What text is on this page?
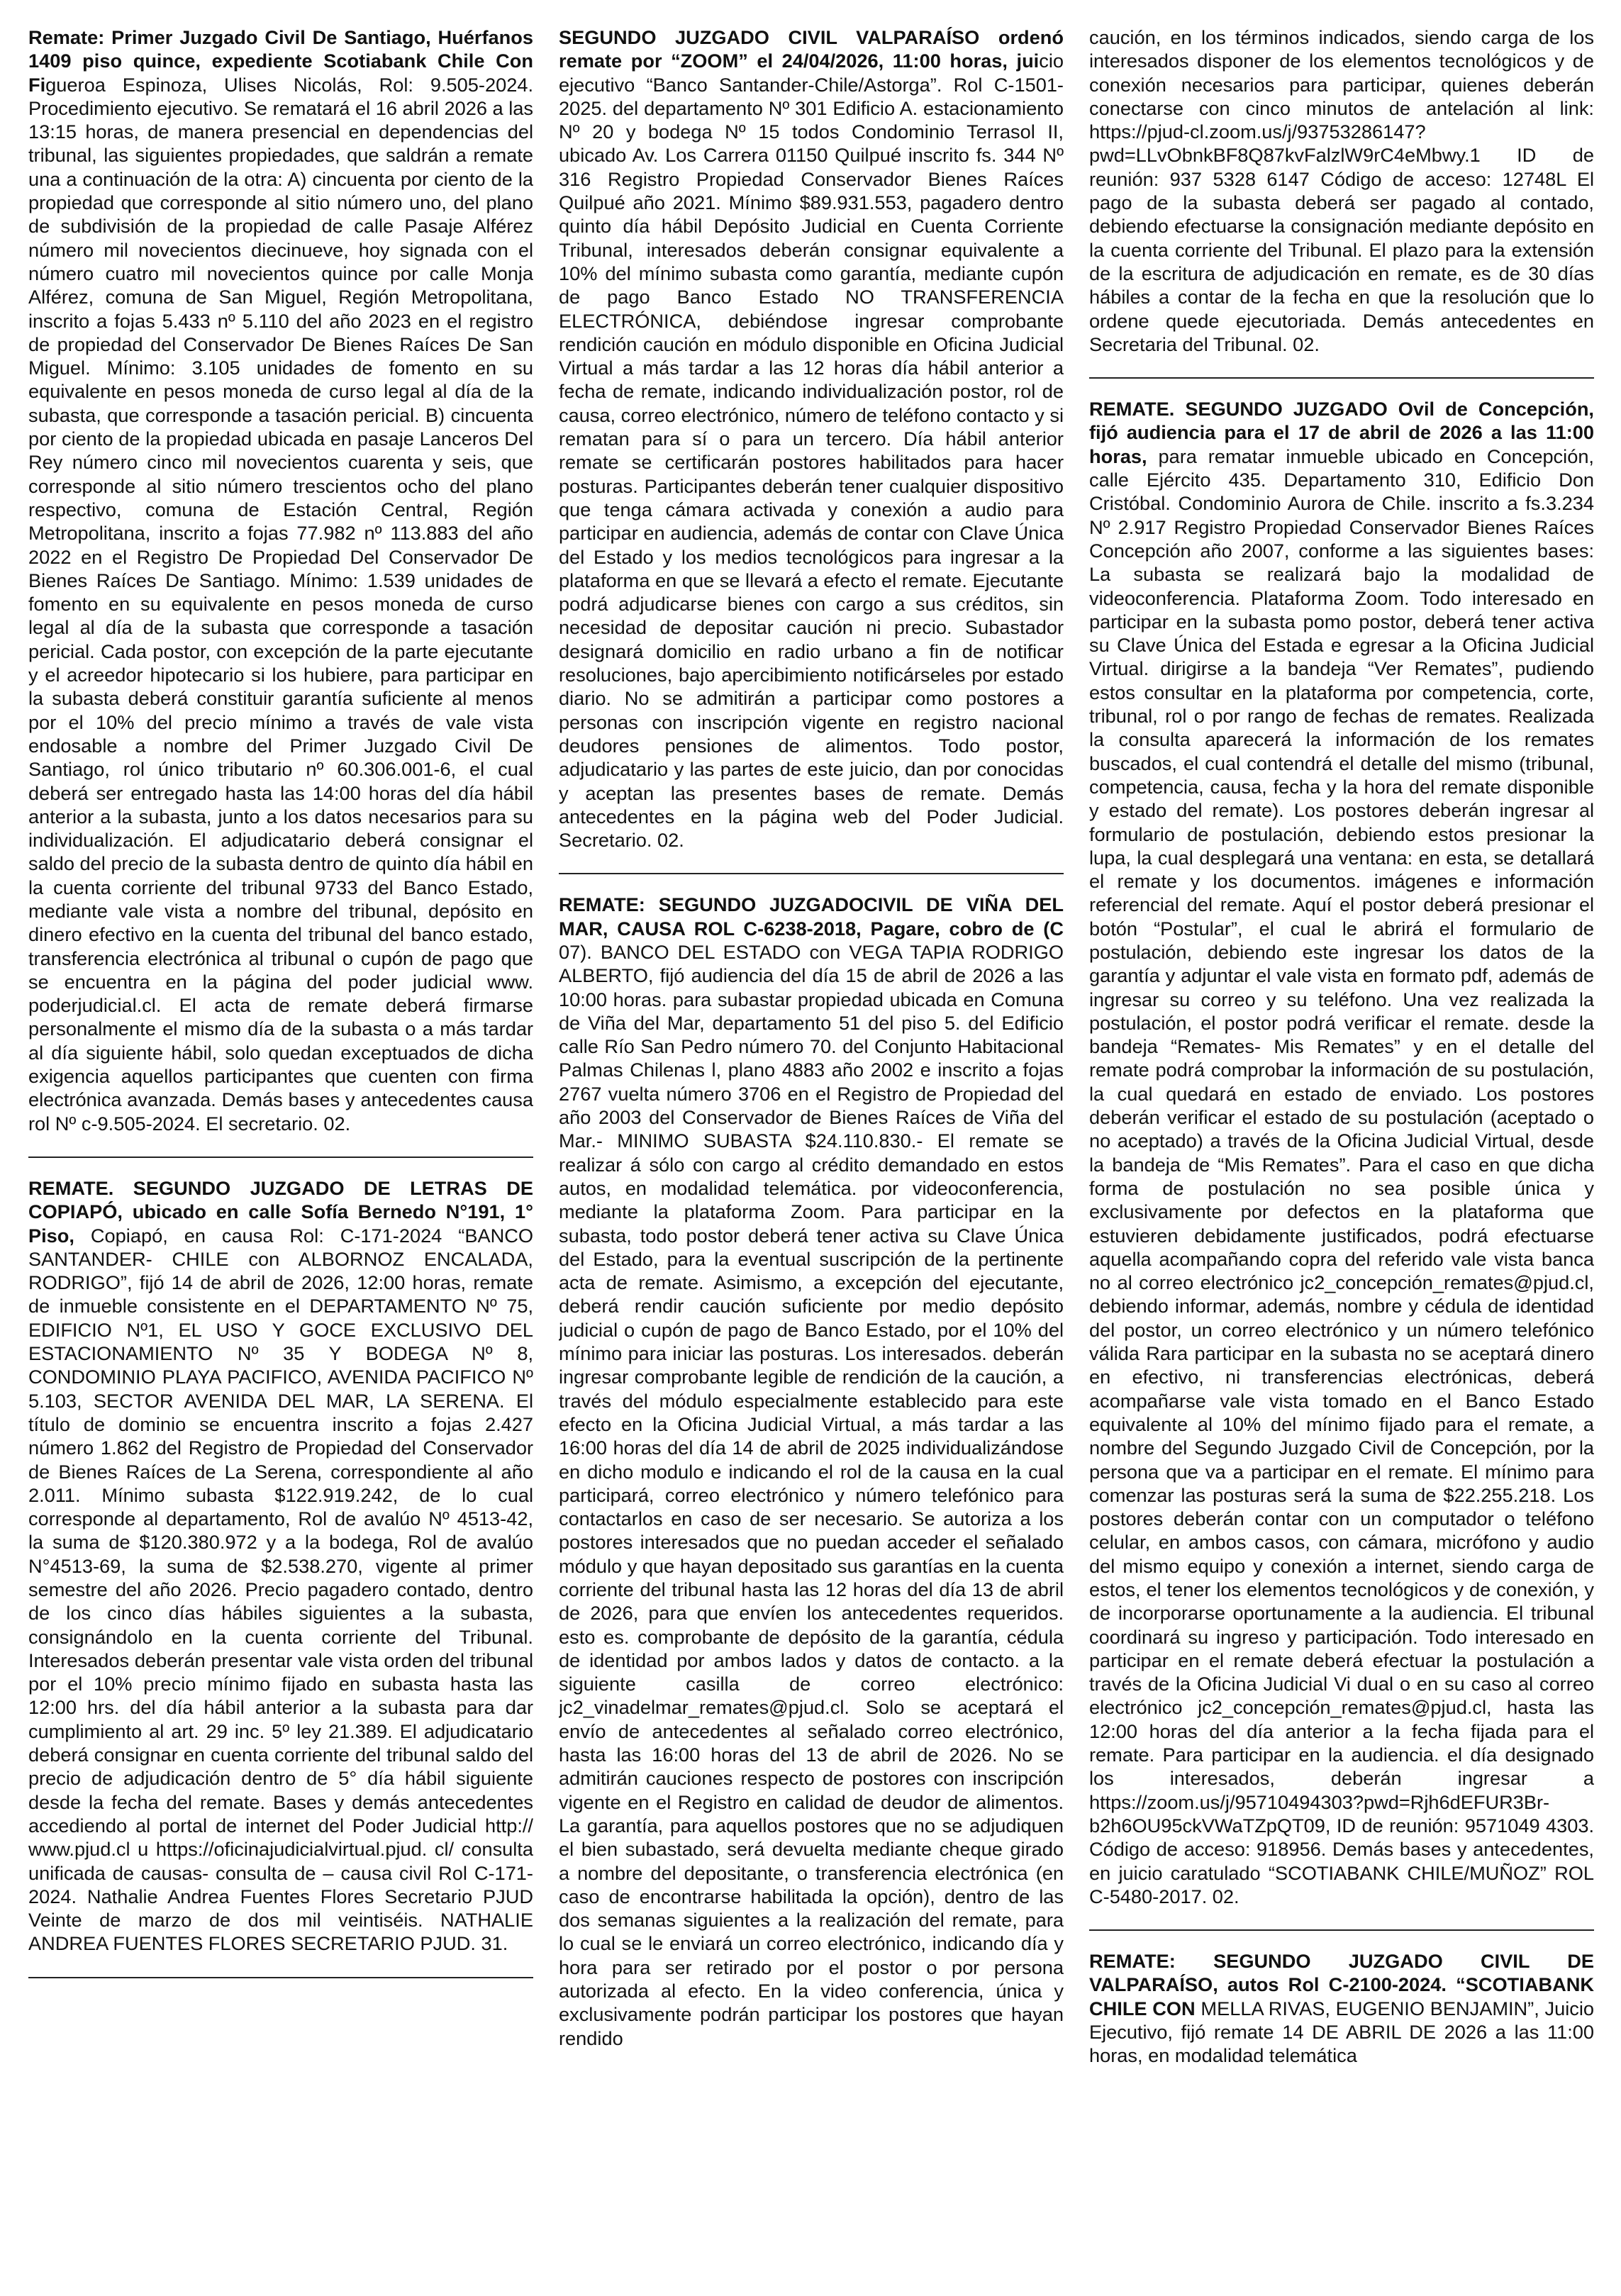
Remate: Primer Juzgado Civil De Santiago, Huérfanos 1409 piso quince, expediente Scotiabank Chile Con Figueroa Espinoza, Ulises Nicolás, Rol: 9.505-2024. Procedimiento ejecutivo. Se rematará el 16 abril 2026 a las 13:15 horas, de manera presencial en dependencias del tribunal, las siguientes propiedades, que saldrán a remate una a continuación de la otra: A) cincuenta por ciento de la propiedad que corresponde al sitio número uno, del plano de subdivisión de la propiedad de calle Pasaje Alférez número mil novecientos diecinueve, hoy signada con el número cuatro mil novecientos quince por calle Monja Alférez, comuna de San Miguel, Región Metropolitana, inscrito a fojas 5.433 nº 5.110 del año 2023 en el registro de propiedad del Conservador De Bienes Raíces De San Miguel. Mínimo: 3.105 unidades de fomento en su equivalente en pesos moneda de curso legal al día de la subasta, que corresponde a tasación pericial. B) cincuenta por ciento de la propiedad ubicada en pasaje Lanceros Del Rey número cinco mil novecientos cuarenta y seis, que corresponde al sitio número trescientos ocho del plano respectivo, comuna de Estación Central, Región Metropolitana, inscrito a fojas 77.982 nº 113.883 del año 2022 en el Registro De Propiedad Del Conservador De Bienes Raíces De Santiago. Mínimo: 1.539 unidades de fomento en su equivalente en pesos moneda de curso legal al día de la subasta que corresponde a tasación pericial. Cada postor, con excepción de la parte ejecutante y el acreedor hipotecario si los hubiere, para participar en la subasta deberá constituir garantía suficiente al menos por el 10% del precio mínimo a través de vale vista endosable a nombre del Primer Juzgado Civil De Santiago, rol único tributario nº 60.306.001-6, el cual deberá ser entregado hasta las 14:00 horas del día hábil anterior a la subasta, junto a los datos necesarios para su individualización. El adjudicatario deberá consignar el saldo del precio de la subasta dentro de quinto día hábil en la cuenta corriente del tribunal 9733 del Banco Estado, mediante vale vista a nombre del tribunal, depósito en dinero efectivo en la cuenta del tribunal del banco estado, transferencia electrónica al tribunal o cupón de pago que se encuentra en la página del poder judicial www. poderjudicial.cl. El acta de remate deberá firmarse personalmente el mismo día de la subasta o a más tardar al día siguiente hábil, solo quedan exceptuados de dicha exigencia aquellos participantes que cuenten con firma electrónica avanzada. Demás bases y antecedentes causa rol Nº c-9.505-2024. El secretario. 02.

REMATE. SEGUNDO JUZGADO DE LETRAS DE COPIAPÓ, ubicado en calle Sofía Bernedo N°191, 1° Piso, Copiapó, en causa Rol: C-171-2024 “BANCO SANTANDER- CHILE con ALBORNOZ ENCALADA, RODRIGO”, fijó 14 de abril de 2026, 12:00 horas, remate de inmueble consistente en el DEPARTAMENTO Nº 75, EDIFICIO Nº1, EL USO Y GOCE EXCLUSIVO DEL ESTACIONAMIENTO Nº 35 Y BODEGA Nº 8, CONDOMINIO PLAYA PACIFICO, AVENIDA PACIFICO Nº 5.103, SECTOR AVENIDA DEL MAR, LA SERENA. El título de dominio se encuentra inscrito a fojas 2.427 número 1.862 del Registro de Propiedad del Conservador de Bienes Raíces de La Serena, correspondiente al año 2.011. Mínimo subasta $122.919.242, de lo cual corresponde al departamento, Rol de avalúo Nº 4513-42, la suma de $120.380.972 y a la bodega, Rol de avalúo N°4513-69, la suma de $2.538.270, vigente al primer semestre del año 2026. Precio pagadero contado, dentro de los cinco días hábiles siguientes a la subasta, consignándolo en la cuenta corriente del Tribunal. Interesados deberán presentar vale vista orden del tribunal por el 10% precio mínimo fijado en subasta hasta las 12:00 hrs. del día hábil anterior a la subasta para dar cumplimiento al art. 29 inc. 5º ley 21.389. El adjudicatario deberá consignar en cuenta corriente del tribunal saldo del precio de adjudicación dentro de 5° día hábil siguiente desde la fecha del remate. Bases y demás antecedentes accediendo al portal de internet del Poder Judicial http:// www.pjud.cl u https://oficinajudicialvirtual.pjud. cl/ consulta unificada de causas- consulta de – causa civil Rol C-171-2024. Nathalie Andrea Fuentes Flores Secretario PJUD Veinte de marzo de dos mil veintiséis. NATHALIE ANDREA FUENTES FLORES SECRETARIO PJUD. 31.

SEGUNDO JUZGADO CIVIL VALPARAÍSO ordenó remate por “ZOOM” el 24/04/2026, 11:00 horas, juicio ejecutivo “Banco Santander-Chile/Astorga”. Rol C-1501-2025. del departamento Nº 301 Edificio A. estacionamiento Nº 20 y bodega Nº 15 todos Condominio Terrasol II, ubicado Av. Los Carrera 01150 Quilpué inscrito fs. 344 Nº 316 Registro Propiedad Conservador Bienes Raíces Quilpué año 2021. Mínimo $89.931.553, pagadero dentro quinto día hábil Depósito Judicial en Cuenta Corriente Tribunal, interesados deberán consignar equivalente a 10% del mínimo subasta como garantía, mediante cupón de pago Banco Estado NO TRANSFERENCIA ELECTRÓNICA, debiéndose ingresar comprobante rendición caución en módulo disponible en Oficina Judicial Virtual a más tardar a las 12 horas día hábil anterior a fecha de remate, indicando individualización postor, rol de causa, correo electrónico, número de teléfono contacto y si rematan para sí o para un tercero. Día hábil anterior remate se certificarán postores habilitados para hacer posturas. Participantes deberán tener cualquier dispositivo que tenga cámara activada y conexión a audio para participar en audiencia, además de contar con Clave Única del Estado y los medios tecnológicos para ingresar a la plataforma en que se llevará a efecto el remate. Ejecutante podrá adjudicarse bienes con cargo a sus créditos, sin necesidad de depositar caución ni precio. Subastador designará domicilio en radio urbano a fin de notificar resoluciones, bajo apercibimiento notificárseles por estado diario. No se admitirán a participar como postores a personas con inscripción vigente en registro nacional deudores pensiones de alimentos. Todo postor, adjudicatario y las partes de este juicio, dan por conocidas y aceptan las presentes bases de remate. Demás antecedentes en la página web del Poder Judicial. Secretario. 02.

REMATE: SEGUNDO JUZGADOCIVIL DE VIÑA DEL MAR, CAUSA ROL C-6238-2018, Pagare, cobro de (C 07). BANCO DEL ESTADO con VEGA TAPIA RODRIGO ALBERTO, fijó audiencia del día 15 de abril de 2026 a las 10:00 horas. para subastar propiedad ubicada en Comuna de Viña del Mar, departamento 51 del piso 5. del Edificio calle Río San Pedro número 70. del Conjunto Habitacional Palmas Chilenas l, plano 4883 año 2002 e inscrito a fojas 2767 vuelta número 3706 en el Registro de Propiedad del año 2003 del Conservador de Bienes Raíces de Viña del Mar.- MINIMO SUBASTA $24.110.830.- El remate se realizar á sólo con cargo al crédito demandado en estos autos, en modalidad telemática. por videoconferencia, mediante la plataforma Zoom. Para participar en la subasta, todo postor deberá tener activa su Clave Única del Estado, para la eventual suscripción de la pertinente acta de remate. Asimismo, a excepción del ejecutante, deberá rendir caución suficiente por medio depósito judicial o cupón de pago de Banco Estado, por el 10% del mínimo para iniciar las posturas. Los interesados. deberán ingresar comprobante legible de rendición de la caución, a través del módulo especialmente establecido para este efecto en la Oficina Judicial Virtual, a más tardar a las 16:00 horas del día 14 de abril de 2025 individualizándose en dicho modulo e indicando el rol de la causa en la cual participará, correo electrónico y número telefónico para contactarlos en caso de ser necesario. Se autoriza a los postores interesados que no puedan acceder el señalado módulo y que hayan depositado sus garantías en la cuenta corriente del tribunal hasta las 12 horas del día 13 de abril de 2026, para que envíen los antecedentes requeridos. esto es. comprobante de depósito de la garantía, cédula de identidad por ambos lados y datos de contacto. a la siguiente casilla de correo electrónico: jc2_vinadelmar_remates@pjud.cl. Solo se aceptará el envío de antecedentes al señalado correo electrónico, hasta las 16:00 horas del 13 de abril de 2026. No se admitirán cauciones respecto de postores con inscripción vigente en el Registro en calidad de deudor de alimentos. La garantía, para aquellos postores que no se adjudiquen el bien subastado, será devuelta mediante cheque girado a nombre del depositante, o transferencia electrónica (en caso de encontrarse habilitada la opción), dentro de las dos semanas siguientes a la realización del remate, para lo cual se le enviará un correo electrónico, indicando día y hora para ser retirado por el postor o por persona autorizada al efecto. En la video conferencia, única y exclusivamente podrán participar los postores que hayan rendido

caución, en los términos indicados, siendo carga de los interesados disponer de los elementos tecnológicos y de conexión necesarios para participar, quienes deberán conectarse con cinco minutos de antelación al link: https://pjud-cl.zoom.us/j/93753286147?pwd=LLvObnkBF8Q87kvFalzlW9rC4eMbwy.1 ID de reunión: 937 5328 6147 Código de acceso: 12748L El pago de la subasta deberá ser pagado al contado, debiendo efectuarse la consignación mediante depósito en la cuenta corriente del Tribunal. El plazo para la extensión de la escritura de adjudicación en remate, es de 30 días hábiles a contar de la fecha en que la resolución que lo ordene quede ejecutoriada. Demás antecedentes en Secretaria del Tribunal. 02.

REMATE. SEGUNDO JUZGADO Ovil de Concepción, fijó audiencia para el 17 de abril de 2026 a las 11:00 horas, para rematar inmueble ubicado en Concepción, calle Ejército 435. Departamento 310, Edificio Don Cristóbal. Condominio Aurora de Chile. inscrito a fs.3.234 Nº 2.917 Registro Propiedad Conservador Bienes Raíces Concepción año 2007, conforme a las siguientes bases: La subasta se realizará bajo la modalidad de videoconferencia. Plataforma Zoom. Todo interesado en participar en la subasta pomo postor, deberá tener activa su Clave Única del Estada e egresar a la Oficina Judicial Virtual. dirigirse a la bandeja “Ver Remates”, pudiendo estos consultar en la plataforma por competencia, corte, tribunal, rol o por rango de fechas de remates. Realizada la consulta aparecerá la información de los remates buscados, el cual contendrá el detalle del mismo (tribunal, competencia, causa, fecha y la hora del remate disponible y estado del remate). Los postores deberán ingresar al formulario de postulación, debiendo estos presionar la lupa, la cual desplegará una ventana: en esta, se detallará el remate y los documentos. imágenes e información referencial del remate. Aquí el postor deberá presionar el botón “Postular”, el cual le abrirá el formulario de postulación, debiendo este ingresar los datos de la garantía y adjuntar el vale vista en formato pdf, además de ingresar su correo y su teléfono. Una vez realizada la postulación, el postor podrá verificar el remate. desde la bandeja “Remates- Mis Remates” y en el detalle del remate podrá comprobar la información de su postulación, la cual quedará en estado de enviado. Los postores deberán verificar el estado de su postulación (aceptado o no aceptado) a través de la Oficina Judicial Virtual, desde la bandeja de “Mis Remates”. Para el caso en que dicha forma de postulación no sea posible única y exclusivamente por defectos en la plataforma que estuvieren debidamente justificados, podrá efectuarse aquella acompañando copra del referido vale vista banca no al correo electrónico jc2_concepción_remates@pjud.cl, debiendo informar, además, nombre y cédula de identidad del postor, un correo electrónico y un número telefónico válida Rara participar en la subasta no se aceptará dinero en efectivo, ni transferencias electrónicas, deberá acompañarse vale vista tomado en el Banco Estado equivalente al 10% del mínimo fijado para el remate, a nombre del Segundo Juzgado Civil de Concepción, por la persona que va a participar en el remate. El mínimo para comenzar las posturas será la suma de $22.255.218. Los postores deberán contar con un computador o teléfono celular, en ambos casos, con cámara, micrófono y audio del mismo equipo y conexión a internet, siendo carga de estos, el tener los elementos tecnológicos y de conexión, y de incorporarse oportunamente a la audiencia. El tribunal coordinará su ingreso y participación. Todo interesado en participar en el remate deberá efectuar la postulación a través de la Oficina Judicial Vi dual o en su caso al correo electrónico jc2_concepción_remates@pjud.cl, hasta las 12:00 horas del día anterior a la fecha fijada para el remate. Para participar en la audiencia. el día designado los interesados, deberán ingresar a https://zoom.us/j/95710494303?pwd=Rjh6dEFUR3Br-b2h6OU95ckVWaTZpQT09, ID de reunión: 9571049 4303. Código de acceso: 918956. Demás bases y antecedentes, en juicio caratulado “SCOTIABANK CHILE/MUÑOZ” ROL C-5480-2017. 02.

REMATE: SEGUNDO JUZGADO CIVIL DE VALPARAÍSO, autos Rol C-2100-2024. “SCOTIABANK CHILE CON MELLA RIVAS, EUGENIO BENJAMIN”, Juicio Ejecutivo, fijó remate 14 DE ABRIL DE 2026 a las 11:00 horas, en modalidad telemática
